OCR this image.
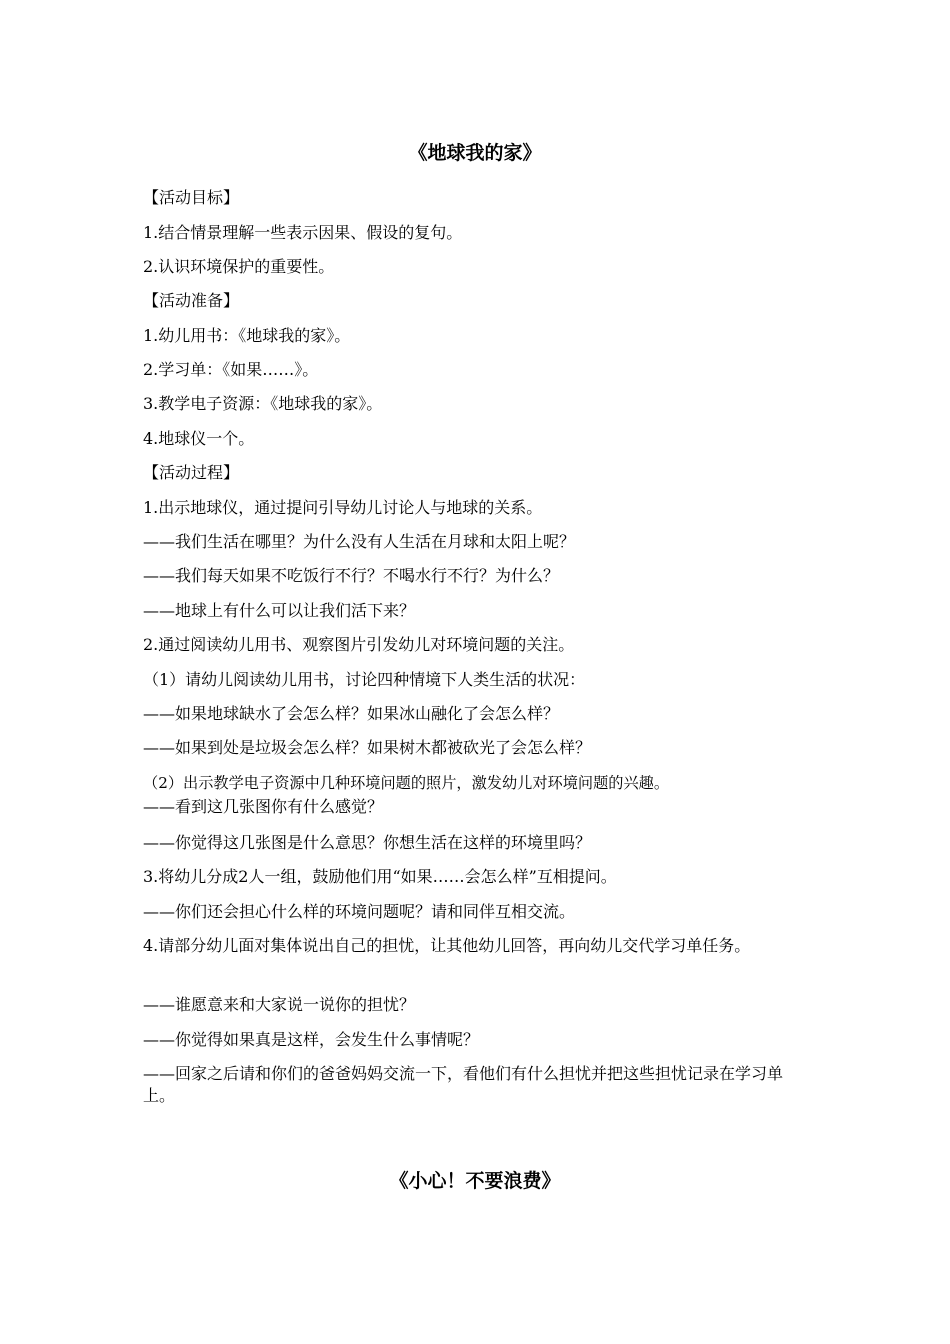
《地球我的家》
【活动目标】
1.结合情景理解一些表示因果、假设的复句。
2.认识环境保护的重要性。
【活动准备】
1.幼儿用书：《地球我的家》。
2.学习单：《如果……》。
3.教学电子资源：《地球我的家》。
4.地球仪一个。
【活动过程】
1.出示地球仪，通过提问引导幼儿讨论人与地球的关系。
——我们生活在哪里？为什么没有人生活在月球和太阳上呢？
——我们每天如果不吃饭行不行？不喝水行不行？为什么？
——地球上有什么可以让我们活下来？
2.通过阅读幼儿用书、观察图片引发幼儿对环境问题的关注。
（1）请幼儿阅读幼儿用书，讨论四种情境下人类生活的状况：
——如果地球缺水了会怎么样？如果冰山融化了会怎么样？
——如果到处是垃圾会怎么样？如果树木都被砍光了会怎么样？
（2）出示教学电子资源中几种环境问题的照片，激发幼儿对环境问题的兴趣。
——看到这几张图你有什么感觉？
——你觉得这几张图是什么意思？你想生活在这样的环境里吗？
3.将幼儿分成2人一组，鼓励他们用“如果……会怎么样”互相提问。
——你们还会担心什么样的环境问题呢？请和同伴互相交流。
4.请部分幼儿面对集体说出自己的担忧，让其他幼儿回答，再向幼儿交代学习单任务。
——谁愿意来和大家说一说你的担忧？
——你觉得如果真是这样，会发生什么事情呢？
——回家之后请和你们的爸爸妈妈交流一下，看他们有什么担忧并把这些担忧记录在学习单上。
《小心！不要浪费》
